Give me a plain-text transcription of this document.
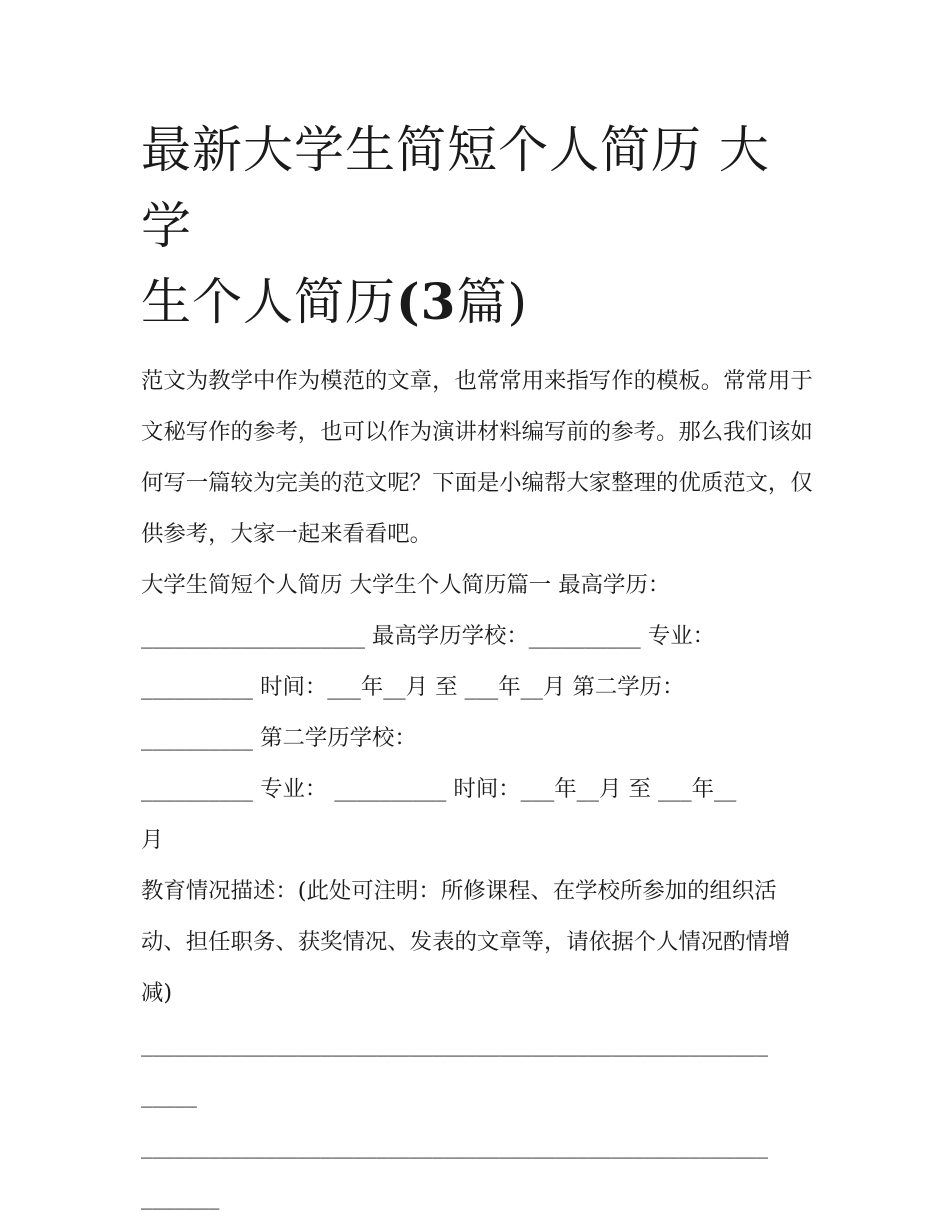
最新大学生简短个人简历 大学
生个人简历(3篇)
范文为教学中作为模范的文章，也常常用来指写作的模板。常常用于文秘写作的参考，也可以作为演讲材料编写前的参考。那么我们该如何写一篇较为完美的范文呢？下面是小编帮大家整理的优质范文，仅供参考，大家一起来看看吧。
大学生简短个人简历 大学生个人简历篇一 最高学历：
____________________ 最高学历学校：__________ 专业：
__________ 时间：___年__月 至 ___年__月 第二学历：
__________ 第二学历学校：
__________ 专业： __________ 时间：___年__月 至 ___年__
月
教育情况描述：(此处可注明：所修课程、在学校所参加的组织活动、担任职务、获奖情况、发表的文章等，请依据个人情况酌情增减)
________________________________________________________
_____
________________________________________________________
_______
